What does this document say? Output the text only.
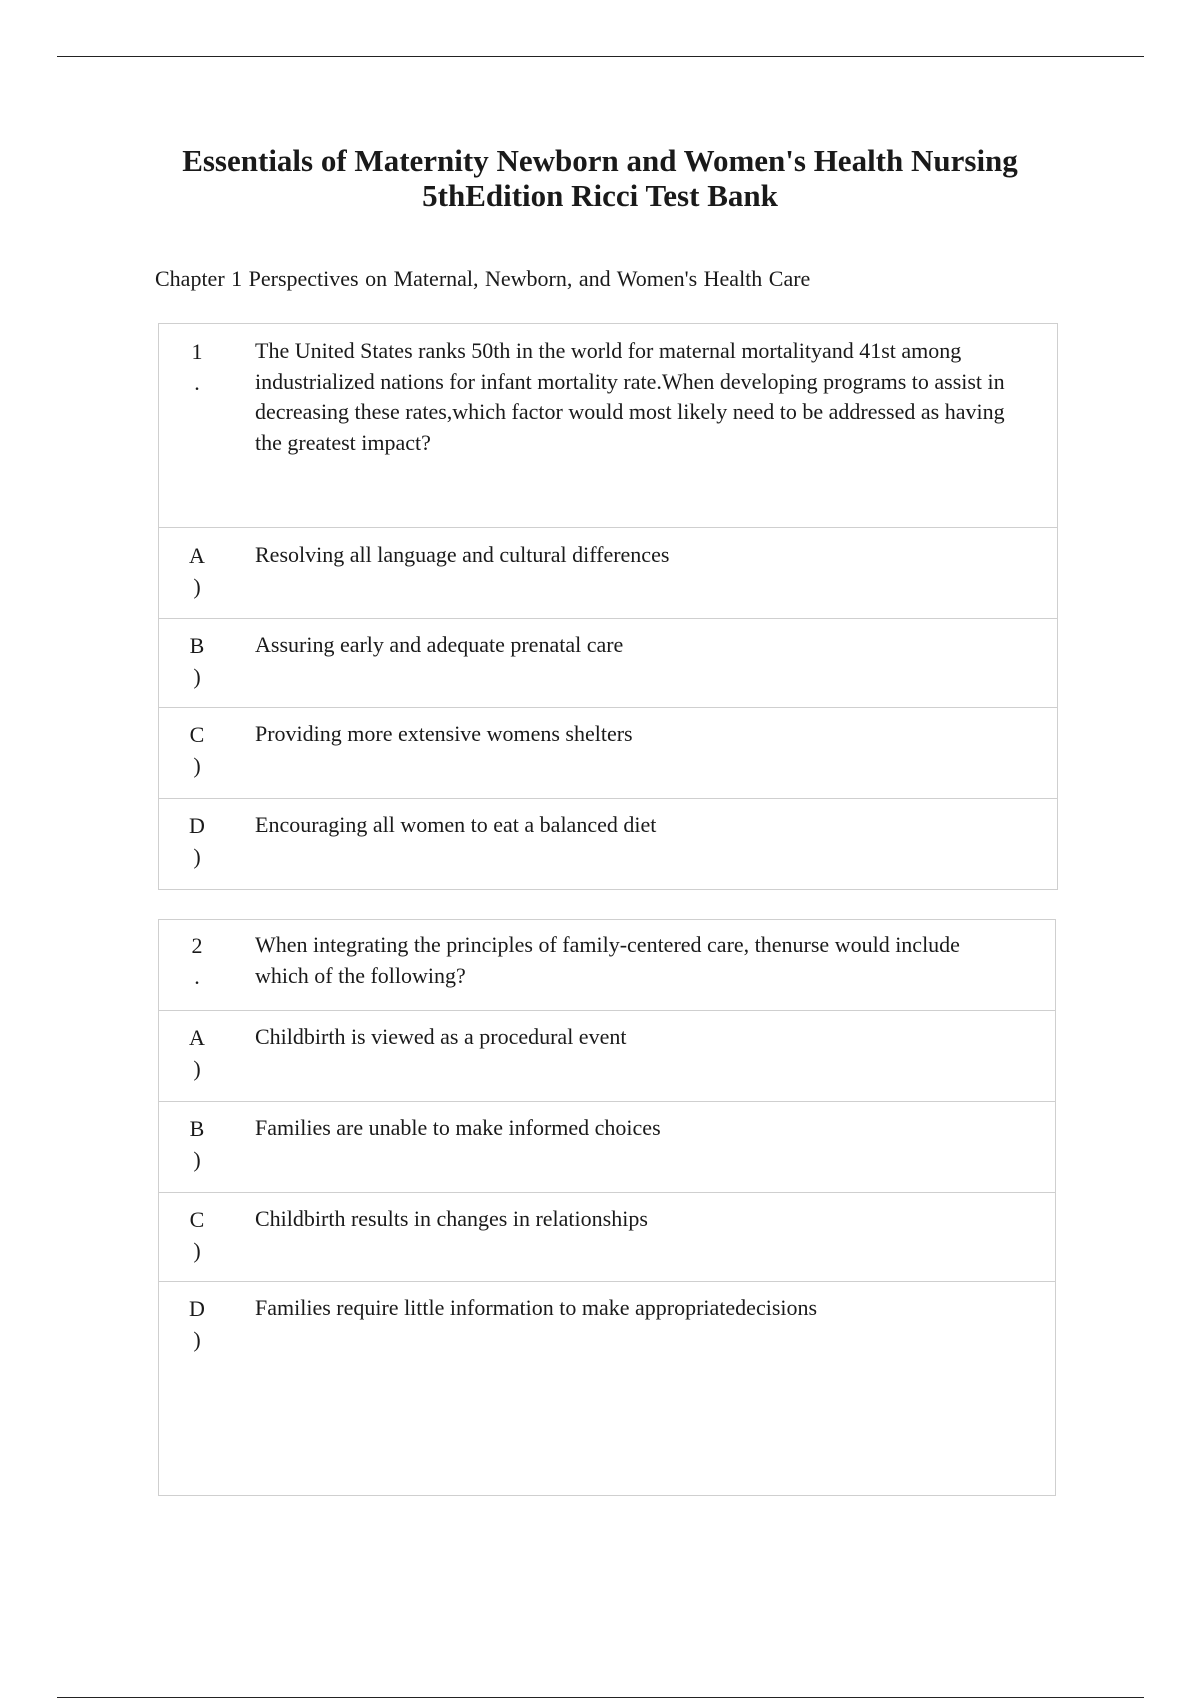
Essentials of Maternity Newborn and Women's Health Nursing
5thEdition Ricci Test Bank

Chapter 1 Perspectives on Maternal, Newborn, and Women's Health Care

1
.
The United States ranks 50th in the world for maternal mortalityand 41st among industrialized nations for infant mortality rate.When developing programs to assist in decreasing these rates,which factor would most likely need to be addressed as having the greatest impact?
A
)
Resolving all language and cultural differences
B
)
Assuring early and adequate prenatal care
C
)
Providing more extensive womens shelters
D
)
Encouraging all women to eat a balanced diet
2
.
When integrating the principles of family-centered care, thenurse would include which of the following?
A
)
Childbirth is viewed as a procedural event
B
)
Families are unable to make informed choices
C
)
Childbirth results in changes in relationships
D
)
Families require little information to make appropriatedecisions
